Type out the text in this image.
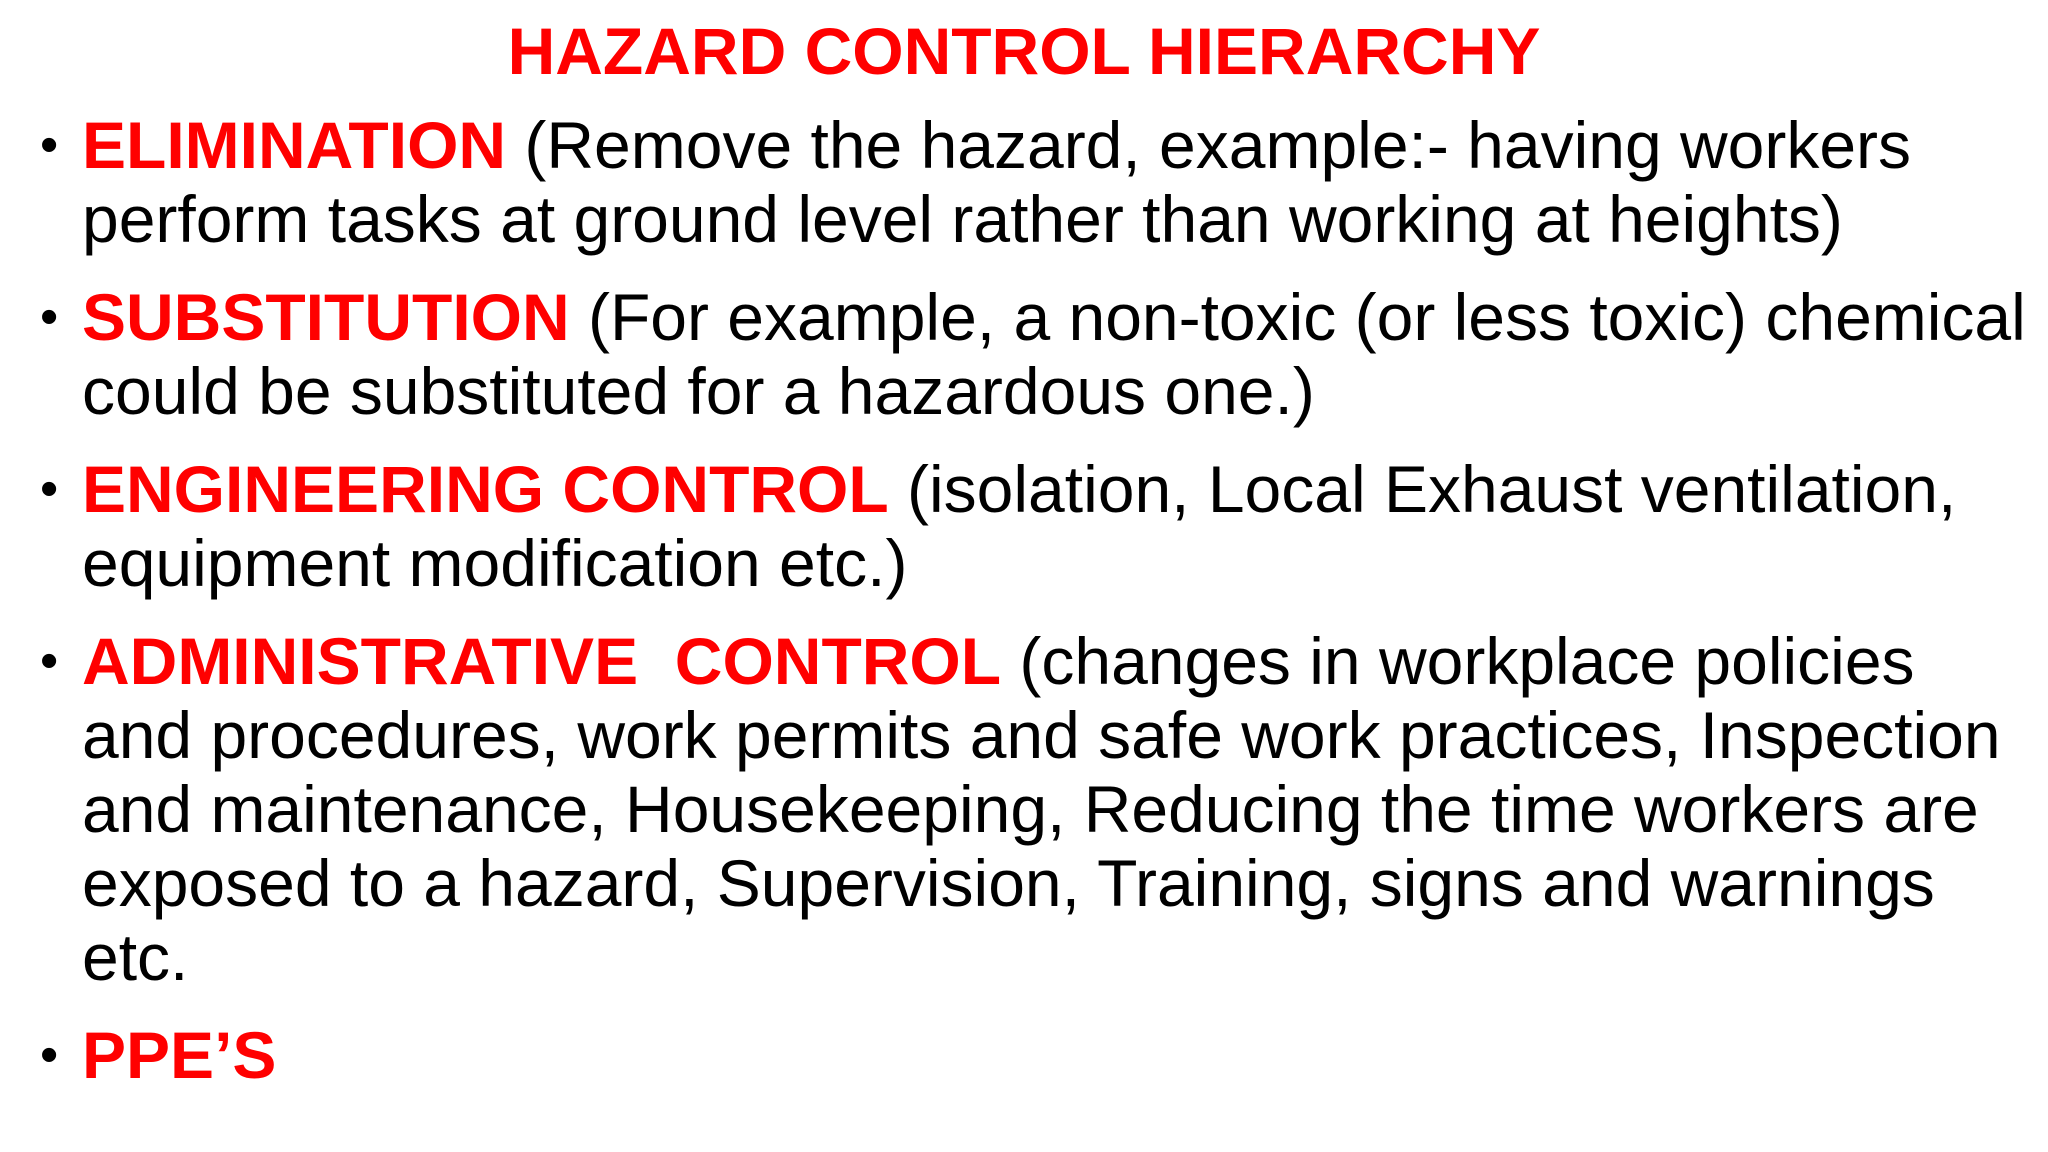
HAZARD CONTROL HIERARCHY
• ELIMINATION (Remove the hazard, example:- having workers perform tasks at ground level rather than working at heights)
• SUBSTITUTION (For example, a non-toxic (or less toxic) chemical could be substituted for a hazardous one.)
• ENGINEERING CONTROL (isolation, Local Exhaust ventilation, equipment modification etc.)
• ADMINISTRATIVE  CONTROL (changes in workplace policies and procedures, work permits and safe work practices, Inspection and maintenance, Housekeeping, Reducing the time workers are exposed to a hazard, Supervision, Training, signs and warnings etc.
• PPE’S
